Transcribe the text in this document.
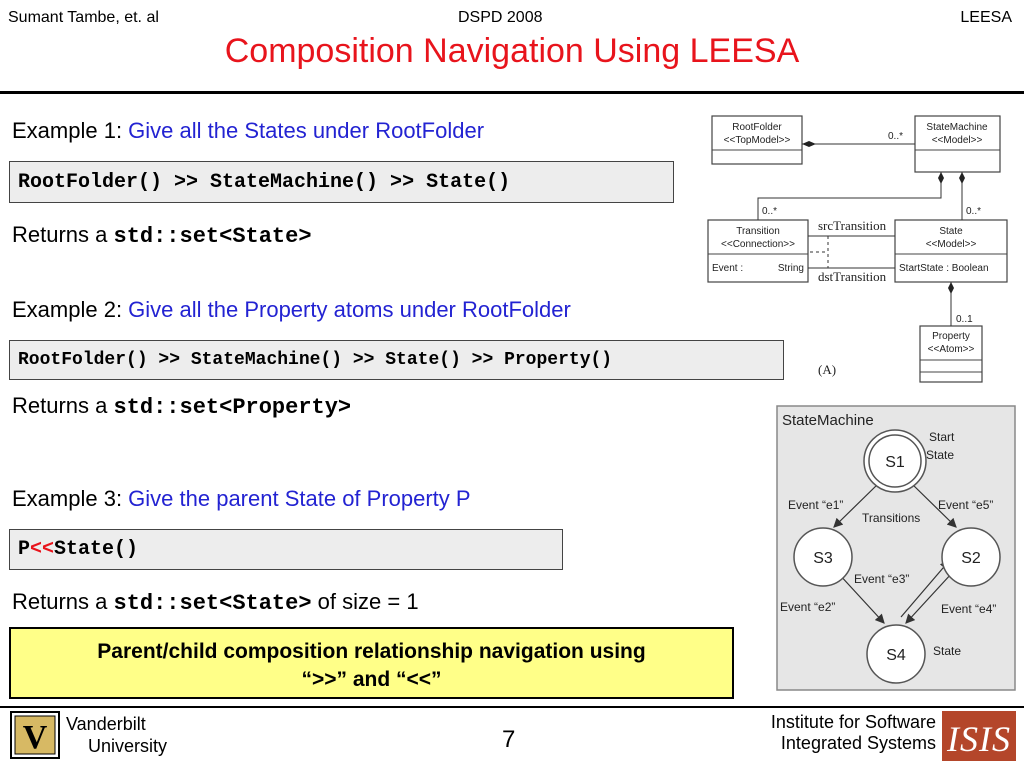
Sumant Tambe, et. al	DSPD 2008	LEESA
Composition Navigation Using LEESA
Example 1: Give all the States under RootFolder
RootFolder() >> StateMachine() >> State()
Returns a std::set<State>
Example 2: Give all the Property atoms under RootFolder
RootFolder() >> StateMachine() >> State() >> Property()
Returns a std::set<Property>
Example 3: Give the parent State of Property P
P << State()
Returns a std::set<State> of size = 1
Parent/child composition relationship navigation using
“>>” and “<<”
RootFolder
<<TopModel>>
StateMachine
<<Model>>
0..*
Transition
<<Connection>>
Event :	String
State
<<Model>>
StartState : Boolean
0..*	0..*
srcTransition
dstTransition
Property
<<Atom>>
0..1
(A)
StateMachine
S1
S3	S2
S4
Start
State
Event “e1”	Event “e5”
Transitions
Event “e3”
Event “e2”	Event “e4”
State
V Vanderbilt
University	7
Institute for Software
Integrated Systems ISIS
